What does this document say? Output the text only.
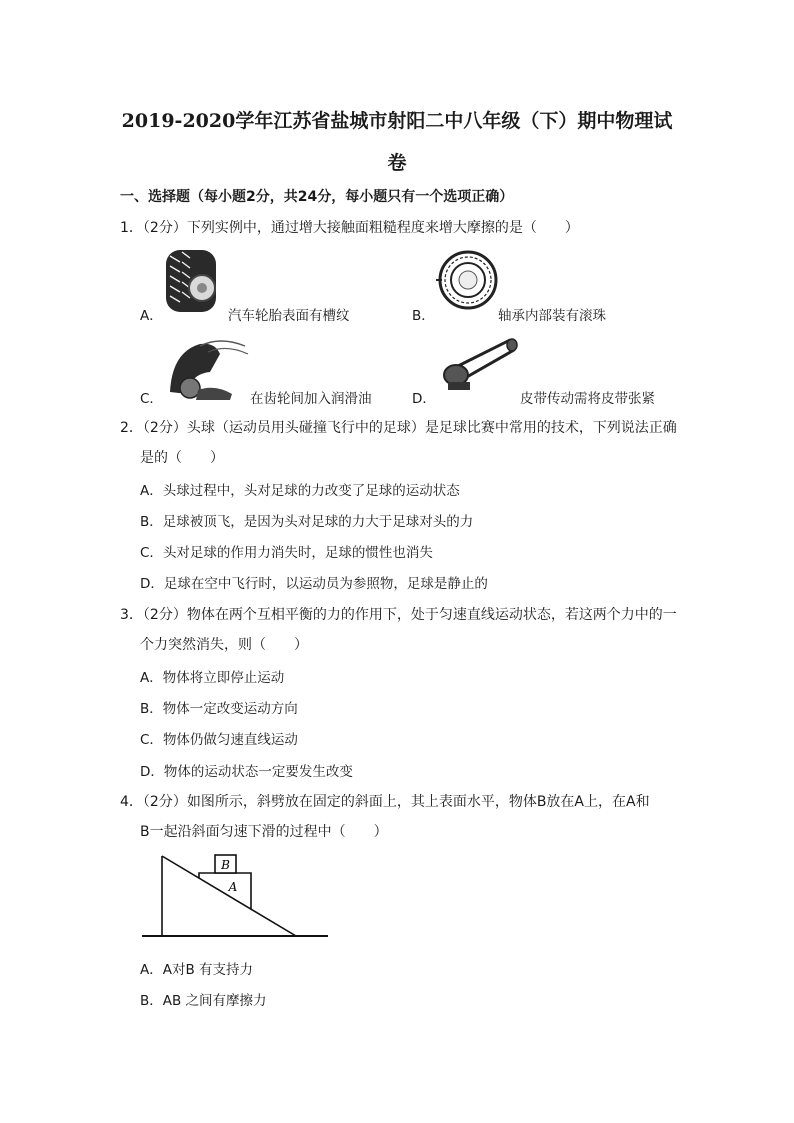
2019-2020学年江苏省盐城市射阳二中八年级（下）期中物理试
卷
一、选择题（每小题2分，共24分，每小题只有一个选项正确）
1．（2分）下列实例中，通过增大接触面粗糙程度来增大摩擦的是（　　）
A．	汽车轮胎表面有槽纹	B．	轴承内部装有滚珠
C．	在齿轮间加入润滑油	D．	皮带传动需将皮带张紧
2．（2分）头球（运动员用头碰撞飞行中的足球）是足球比赛中常用的技术，下列说法正确
是的（　　）
A．头球过程中，头对足球的力改变了足球的运动状态
B．足球被顶飞，是因为头对足球的力大于足球对头的力
C．头对足球的作用力消失时，足球的惯性也消失
D．足球在空中飞行时，以运动员为参照物，足球是静止的
3．（2分）物体在两个互相平衡的力的作用下，处于匀速直线运动状态，若这两个力中的一
个力突然消失，则（　　）
A．物体将立即停止运动
B．物体一定改变运动方向
C．物体仍做匀速直线运动
D．物体的运动状态一定要发生改变
4．（2分）如图所示，斜劈放在固定的斜面上，其上表面水平，物体B放在A上，在A和
B一起沿斜面匀速下滑的过程中（　　）
B
A
A．A对B 有支持力
B．AB 之间有摩擦力
